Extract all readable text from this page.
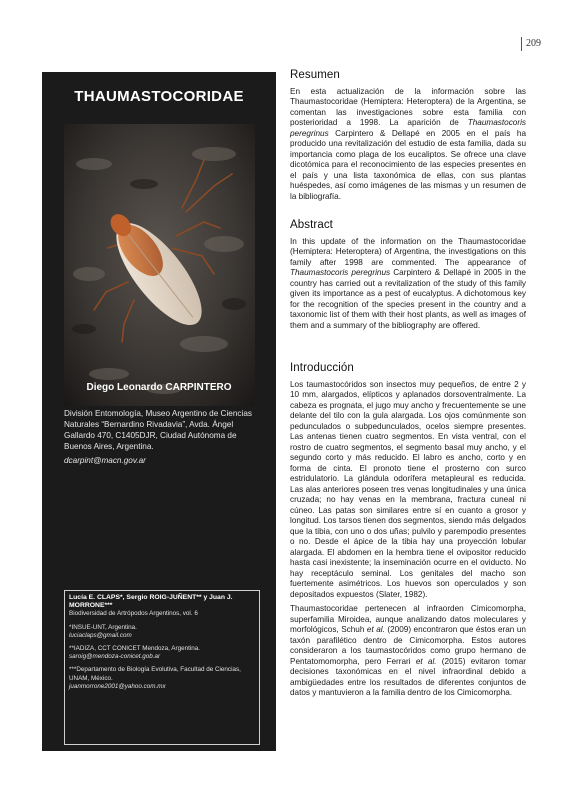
209
THAUMASTOCORIDAE
Diego Leonardo CARPINTERO
División Entomología, Museo Argentino de Ciencias Naturales “Bernardino Rivadavia”, Avda. Ángel Gallardo 470, C1405DJR, Ciudad Autónoma de Buenos Aires, Argentina.
dcarpint@macn.gov.ar
Lucía E. CLAPS*, Sergio ROIG-JUÑENT** y Juan J. MORRONE***
Biodiversidad de Artrópodos Argentinos, vol. 6
*INSUE-UNT, Argentina.
luciaclaps@gmail.com
**IADIZA, CCT CONICET Mendoza, Argentina.
saroig@mendoza-conicet.gob.ar
***Departamento de Biología Evolutiva, Facultad de Ciencias, UNAM, México.
juanmorrone2001@yahoo.com.mx
Resumen

En esta actualización de la información sobre las Thaumastocoridae (Hemiptera: Heteroptera) de la Argentina, se comentan las investigaciones sobre esta familia con posterioridad a 1998. La aparición de Thaumastocoris peregrinus Carpintero & Dellapé en 2005 en el país ha producido una revitalización del estudio de esta familia, dada su importancia como plaga de los eucaliptos. Se ofrece una clave dicotómica para el reconocimiento de las especies presentes en el país y una lista taxonómica de ellas, con sus plantas huéspedes, así como imágenes de las mismas y un resumen de la bibliografía.

Abstract

In this update of the information on the Thaumastocoridae (Hemiptera: Heteroptera) of Argentina, the investigations on this family after 1998 are commented. The appearance of Thaumastocoris peregrinus Carpintero & Dellapé in 2005 in the country has carried out a revitalization of the study of this family given its importance as a pest of eucalyptus. A dichotomous key for the recognition of the species present in the country and a taxonomic list of them with their host plants, as well as images of them and a summary of the bibliography are offered.

Introducción

Los taumastocóridos son insectos muy pequeños, de entre 2 y 10 mm, alargados, elípticos y aplanados dorsoventralmente. La cabeza es prognata, el jugo muy ancho y frecuentemente se une delante del tilo con la gula alargada. Los ojos comúnmente son pedunculados o subpedunculados, ocelos siempre presentes. Las antenas tienen cuatro segmentos. En vista ventral, con el rostro de cuatro segmentos, el segmento basal muy ancho, y el segundo corto y más reducido. El labro es ancho, corto y en forma de cinta. El pronoto tiene el prosterno con surco estridulatorio. La glándula odorífera metapleural es reducida. Las alas anteriores poseen tres venas longitudinales y una única cruzada; no hay venas en la membrana, fractura cuneal ni cúneo. Las patas son similares entre sí en cuanto a grosor y longitud. Los tarsos tienen dos segmentos, siendo más delgados que la tibia, con uno o dos uñas; pulvilo y parempodio presentes o no. Desde el ápice de la tibia hay una proyección lobular alargada. El abdomen en la hembra tiene el ovipositor reducido hasta casi inexistente; la inseminación ocurre en el oviducto. No hay receptáculo seminal. Los genitales del macho son fuertemente asimétricos. Los huevos son operculados y son depositados expuestos (Slater, 1982).

Thaumastocoridae pertenecen al infraorden Cimicomorpha, superfamilia Miroidea, aunque analizando datos moleculares y morfológicos, Schuh et al. (2009) encontraron que éstos eran un taxón parafilético dentro de Cimicomorpha. Estos autores consideraron a los taumastocóridos como grupo hermano de Pentatomomorpha, pero Ferrari et al. (2015) evitaron tomar decisiones taxonómicas en el nivel infraordinal debido a ambigüedades entre los resultados de diferentes conjuntos de datos y mantuvieron a la familia dentro de los Cimicomorpha.
